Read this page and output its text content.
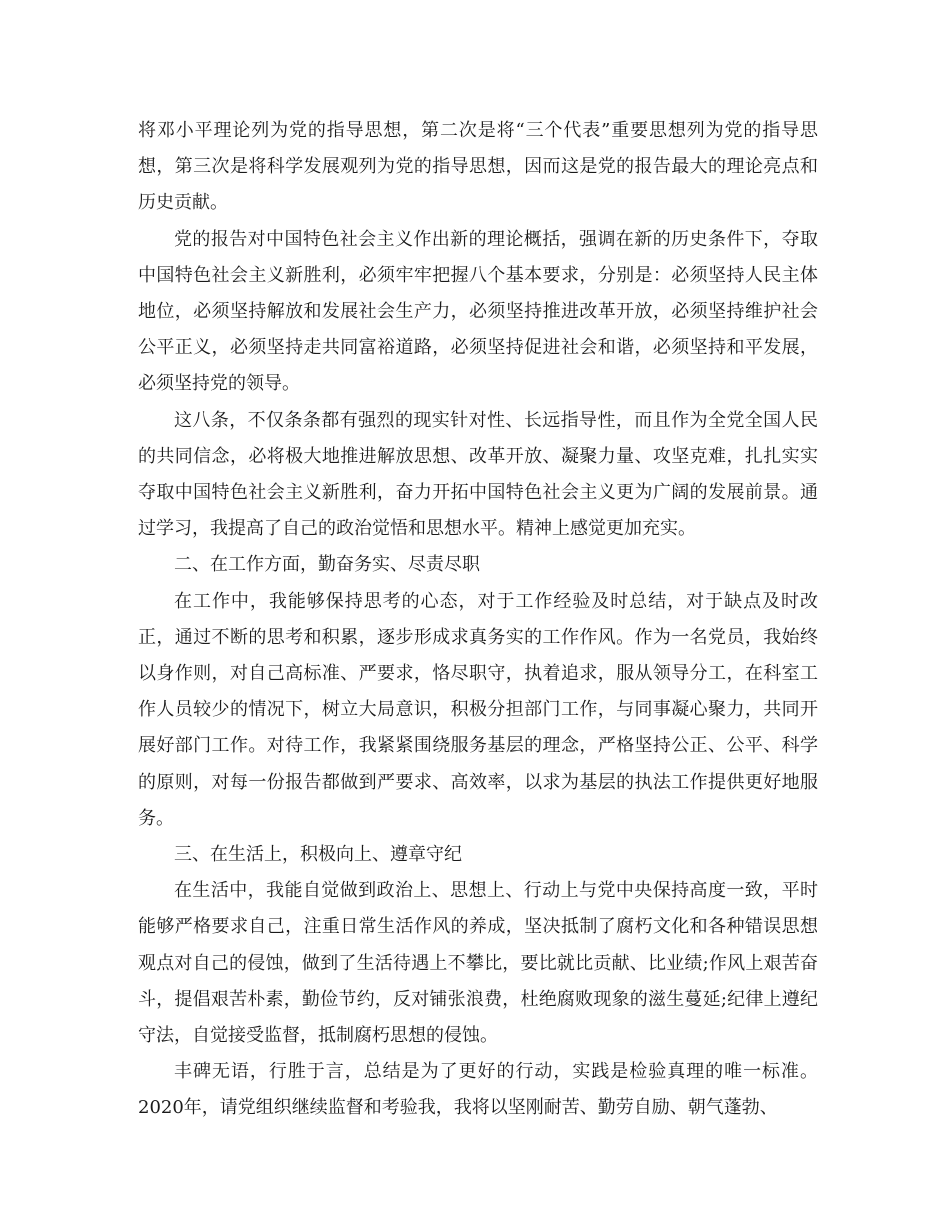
将邓小平理论列为党的指导思想，第二次是将“三个代表”重要思想列为党的指导思想，第三次是将科学发展观列为党的指导思想，因而这是党的报告最大的理论亮点和历史贡献。

党的报告对中国特色社会主义作出新的理论概括，强调在新的历史条件下，夺取中国特色社会主义新胜利，必须牢牢把握八个基本要求，分别是：必须坚持人民主体地位，必须坚持解放和发展社会生产力，必须坚持推进改革开放，必须坚持维护社会公平正义，必须坚持走共同富裕道路，必须坚持促进社会和谐，必须坚持和平发展，必须坚持党的领导。

这八条，不仅条条都有强烈的现实针对性、长远指导性，而且作为全党全国人民的共同信念，必将极大地推进解放思想、改革开放、凝聚力量、攻坚克难，扎扎实实夺取中国特色社会主义新胜利，奋力开拓中国特色社会主义更为广阔的发展前景。通过学习，我提高了自己的政治觉悟和思想水平。精神上感觉更加充实。

二、在工作方面，勤奋务实、尽责尽职

在工作中，我能够保持思考的心态，对于工作经验及时总结，对于缺点及时改正，通过不断的思考和积累，逐步形成求真务实的工作作风。作为一名党员，我始终以身作则，对自己高标准、严要求，恪尽职守，执着追求，服从领导分工，在科室工作人员较少的情况下，树立大局意识，积极分担部门工作，与同事凝心聚力，共同开展好部门工作。对待工作，我紧紧围绕服务基层的理念，严格坚持公正、公平、科学的原则，对每一份报告都做到严要求、高效率，以求为基层的执法工作提供更好地服务。

三、在生活上，积极向上、遵章守纪

在生活中，我能自觉做到政治上、思想上、行动上与党中央保持高度一致，平时能够严格要求自己，注重日常生活作风的养成，坚决抵制了腐朽文化和各种错误思想观点对自己的侵蚀，做到了生活待遇上不攀比，要比就比贡献、比业绩;作风上艰苦奋斗，提倡艰苦朴素，勤俭节约，反对铺张浪费，杜绝腐败现象的滋生蔓延;纪律上遵纪守法，自觉接受监督，抵制腐朽思想的侵蚀。

丰碑无语，行胜于言，总结是为了更好的行动，实践是检验真理的唯一标准。2020年，请党组织继续监督和考验我，我将以坚刚耐苦、勤劳自励、朝气蓬勃、
